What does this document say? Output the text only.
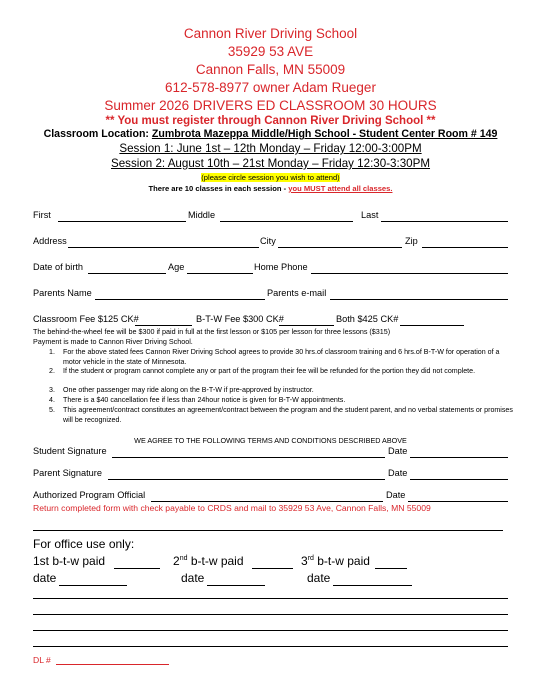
Cannon River Driving School
35929 53 AVE
Cannon Falls, MN 55009
612-578-8977 owner Adam Rueger
Summer 2026 DRIVERS ED CLASSROOM 30 HOURS
** You must register through Cannon River Driving School **
Classroom Location: Zumbrota Mazeppa Middle/High School - Student Center Room # 149
Session 1: June 1st – 12th Monday – Friday 12:00-3:00PM
Session 2: August 10th – 21st Monday – Friday 12:30-3:30PM
(please circle session you wish to attend)
There are 10 classes in each session - you MUST attend all classes.
First	Middle	Last
Address	City	Zip
Date of birth	Age	Home Phone
Parents Name	Parents e-mail
Classroom Fee $125 CK#	B-T-W Fee $300 CK#	Both $425 CK#
The behind-the-wheel fee will be $300 if paid in full at the first lesson or $105 per lesson for three lessons ($315)
Payment is made to Cannon River Driving School.
1. For the above stated fees Cannon River Driving School agrees to provide 30 hrs.of classroom training and 6 hrs.of B-T-W for operation of a motor vehicle in the state of Minnesota.
2. If the student or program cannot complete any or part of the program their fee will be refunded for the portion they did not complete.
3. One other passenger may ride along on the B-T-W if pre-approved by instructor.
4. There is a $40 cancellation fee if less than 24hour notice is given for B-T-W appointments.
5. This agreement/contract constitutes an agreement/contract between the program and the student parent, and no verbal statements or promises will be recognized.
WE AGREE TO THE FOLLOWING TERMS AND CONDITIONS DESCRIBED ABOVE
Student Signature	Date
Parent Signature	Date
Authorized Program Official	Date
Return completed form with check payable to CRDS and mail to 35929 53 Ave, Cannon Falls, MN 55009
For office use only:
1st b-t-w paid	2nd b-t-w paid	3rd b-t-w paid
date	date	date
DL #
